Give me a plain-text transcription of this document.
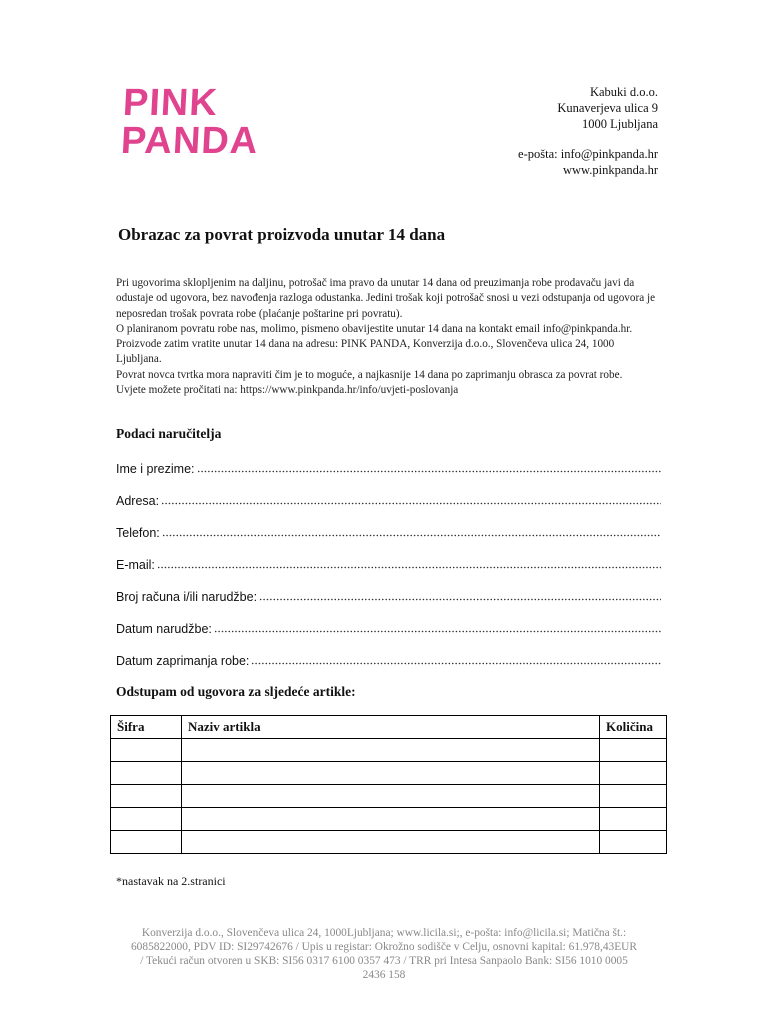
PINK
PANDA
Kabuki d.o.o.
Kunaverjeva ulica 9
1000 Ljubljana
e-pošta: info@pinkpanda.hr
www.pinkpanda.hr
Obrazac za povrat proizvoda unutar 14 dana
Pri ugovorima sklopljenim na daljinu, potrošač ima pravo da unutar 14 dana od preuzimanja robe prodavaču javi da odustaje od ugovora, bez navođenja razloga odustanka. Jedini trošak koji potrošač snosi u vezi odstupanja od ugovora je neposredan trošak povrata robe (plaćanje poštarine pri povratu).
O planiranom povratu robe nas, molimo, pismeno obavijestite unutar 14 dana na kontakt email info@pinkpanda.hr.
Proizvode zatim vratite unutar 14 dana na adresu: PINK PANDA, Konverzija d.o.o., Slovenčeva ulica 24, 1000 Ljubljana.
Povrat novca tvrtka mora napraviti čim je to moguće, a najkasnije 14 dana po zaprimanju obrasca za povrat robe.
Uvjete možete pročitati na: https://www.pinkpanda.hr/info/uvjeti-poslovanja
Podaci naručitelja
Ime i prezime:
Adresa:
Telefon:
E-mail:
Broj računa i/ili narudžbe:
Datum narudžbe:
Datum zaprimanja robe:
Odstupam od ugovora za sljedeće artikle:
Šifra	Naziv artikla	Količina

*nastavak na 2.stranici
Konverzija d.o.o., Slovenčeva ulica 24, 1000Ljubljana; www.licila.si;, e-pošta: info@licila.si; Matična št.:
6085822000, PDV ID: SI29742676 / Upis u registar: Okrožno sodišče v Celju, osnovni kapital: 61.978,43EUR
/ Tekući račun otvoren u SKB: SI56 0317 6100 0357 473 / TRR pri Intesa Sanpaolo Bank: SI56 1010 0005
2436 158
